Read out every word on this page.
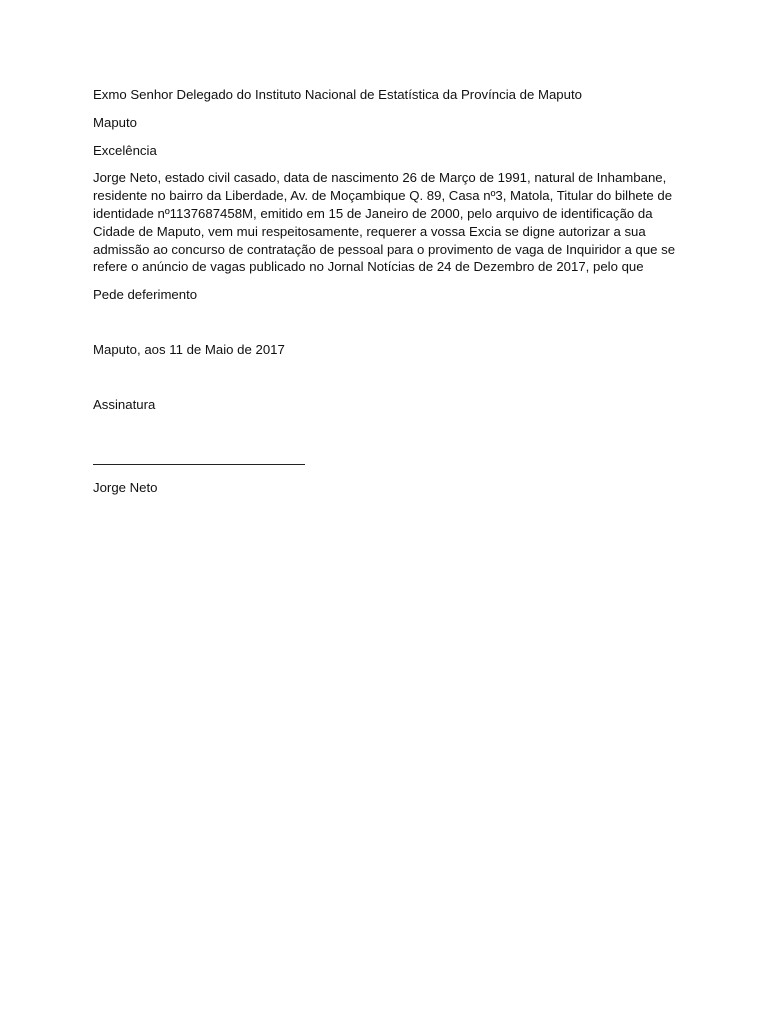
Exmo Senhor Delegado do Instituto Nacional de Estatística da Província de Maputo

Maputo

Excelência

Jorge Neto, estado civil casado, data de nascimento 26 de Março de 1991, natural de Inhambane,

residente no bairro da Liberdade, Av. de Moçambique Q. 89, Casa nº3, Matola, Titular do bilhete de

identidade nº1137687458M, emitido em 15 de Janeiro de 2000, pelo arquivo de identificação da

Cidade de Maputo, vem mui respeitosamente, requerer a vossa Excia se digne autorizar a sua

admissão ao concurso de contratação de pessoal para o provimento de vaga de Inquiridor a que se

refere o anúncio de vagas publicado no Jornal Notícias de 24 de Dezembro de 2017, pelo que

Pede deferimento

Maputo, aos 11 de Maio de 2017

Assinatura

Jorge Neto
